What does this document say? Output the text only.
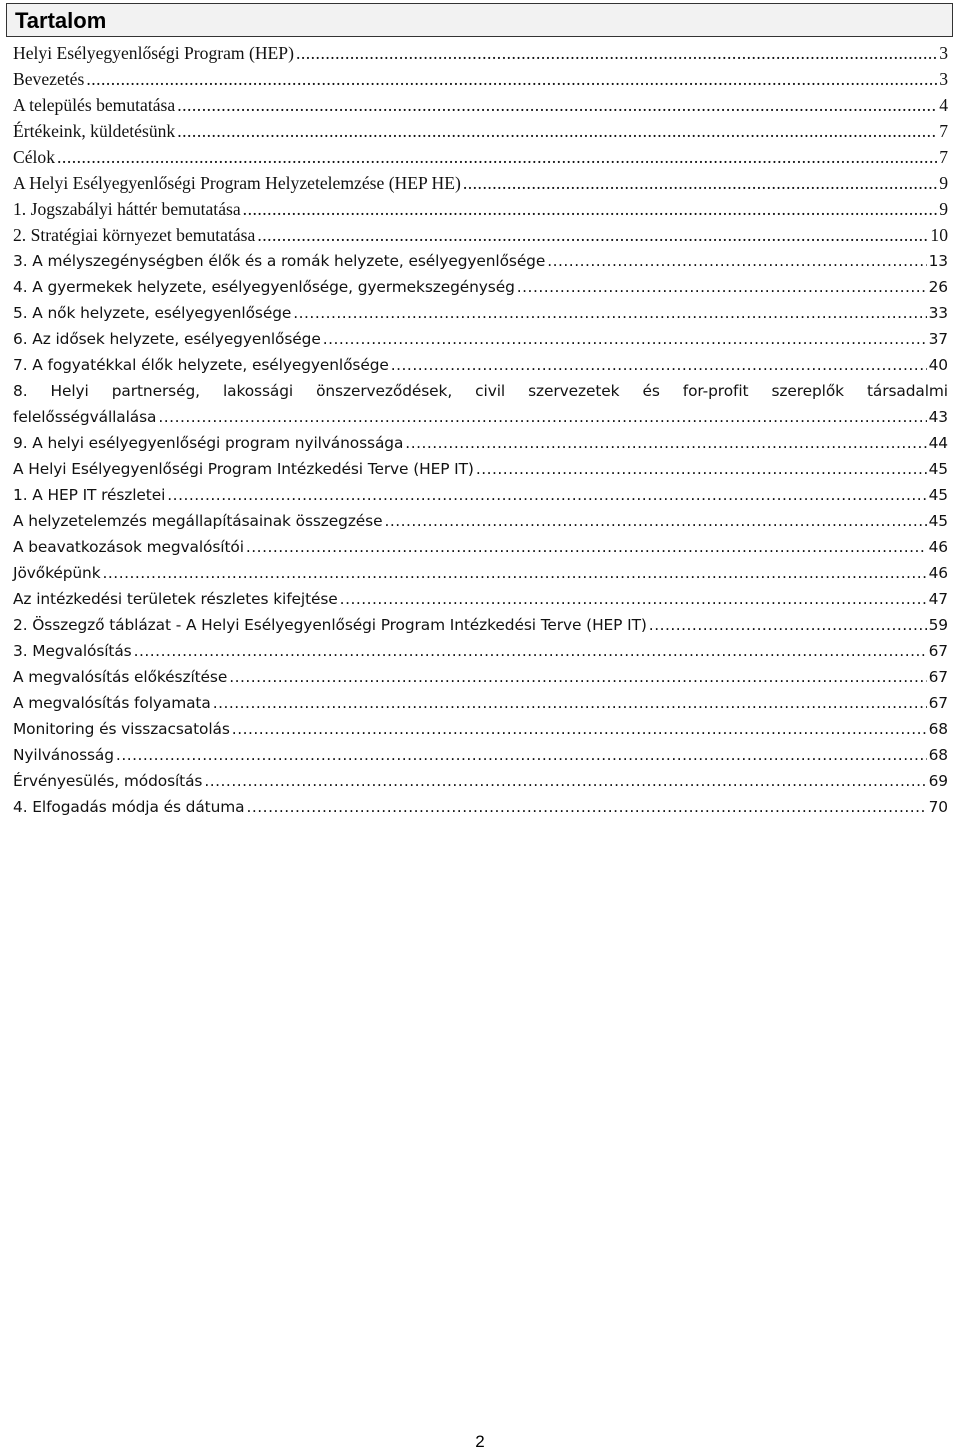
Tartalom
Helyi Esélyegyenlőségi Program (HEP) .....	3
Bevezetés .....	3
A település bemutatása .....	4
Értékeink, küldetésünk .....	7
Célok .....	7
A Helyi Esélyegyenlőségi Program Helyzetelemzése (HEP HE) .....	9
1. Jogszabályi háttér bemutatása .....	9
2. Stratégiai környezet bemutatása .....	10
3. A mélyszegénységben élők és a romák helyzete, esélyegyenlősége .....	13
4. A gyermekek helyzete, esélyegyenlősége, gyermekszegénység .....	26
5. A nők helyzete, esélyegyenlősége .....	33
6. Az idősek helyzete, esélyegyenlősége .....	37
7. A fogyatékkal élők helyzete, esélyegyenlősége .....	40
8. Helyi partnerség, lakossági önszerveződések, civil szervezetek és for-profit szereplők társadalmi
felelősségvállalása .....	43
9. A helyi esélyegyenlőségi program nyilvánossága .....	44
A Helyi Esélyegyenlőségi Program Intézkedési Terve (HEP IT) .....	45
1. A HEP IT részletei .....	45
A helyzetelemzés megállapításainak összegzése .....	45
A beavatkozások megvalósítói .....	46
Jövőképünk .....	46
Az intézkedési területek részletes kifejtése .....	47
2. Összegző táblázat - A Helyi Esélyegyenlőségi Program Intézkedési Terve (HEP IT) .....	59
3. Megvalósítás .....	67
A megvalósítás előkészítése .....	67
A megvalósítás folyamata .....	67
Monitoring és visszacsatolás .....	68
Nyilvánosság .....	68
Érvényesülés, módosítás .....	69
4. Elfogadás módja és dátuma .....	70
2
